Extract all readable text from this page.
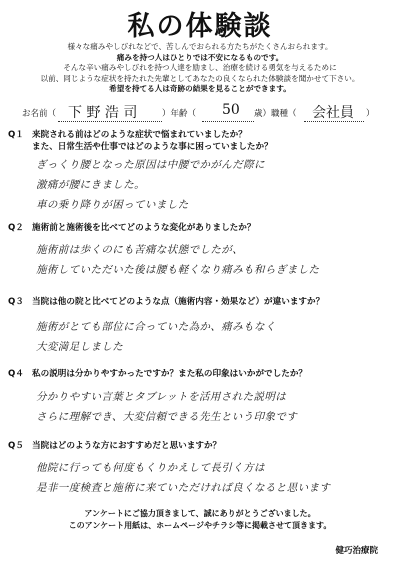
私の体験談
様々な痛みやしびれなどで、苦しんでおられる方たちがたくさんおられます。
痛みを持つ人はひとりでは不安になるものです。
そんな辛い痛みやしびれを持つ人達を励まし、治療を続ける勇気を与えるために
以前、同じような症状を持たれた先輩としてあなたの良くなられた体験談を聞かせて下さい。
希望を持てる人は奇跡の結果を見ることができます。
お名前（ 下 野 浩 司	）年齢（ 50 歳）職種（ 会社員 ）
Q１ 来院される前はどのような症状で悩まれていましたか？
また、日常生活や仕事ではどのような事に困っていましたか？
ぎっくり腰となった原因は中腰でかがんだ際に
激痛が腰にきました。
車の乗り降りが困っていました
Q２ 施術前と施術後を比べてどのような変化がありましたか？
施術前は歩くのにも苦痛な状態でしたが、
施術していただいた後は腰も軽くなり痛みも和らぎました
Q３ 当院は他の院と比べてどのような点（施術内容・効果など）が違いますか？
施術がとても部位に合っていた為か、痛みもなく
大変満足しました
Q４ 私の説明は分かりやすかったですか？また私の印象はいかがでしたか？
分かりやすい言葉とタブレットを活用された説明は
さらに理解でき、大変信頼できる先生という印象です
Q５ 当院はどのような方におすすめだと思いますか？
他院に行っても何度もくりかえして長引く方は
是非一度検査と施術に来ていただければ良くなると思います
アンケートにご協力頂きまして、誠にありがとうございました。
このアンケート用紙は、ホームページやチラシ等に掲載させて頂きます。
健巧治療院
